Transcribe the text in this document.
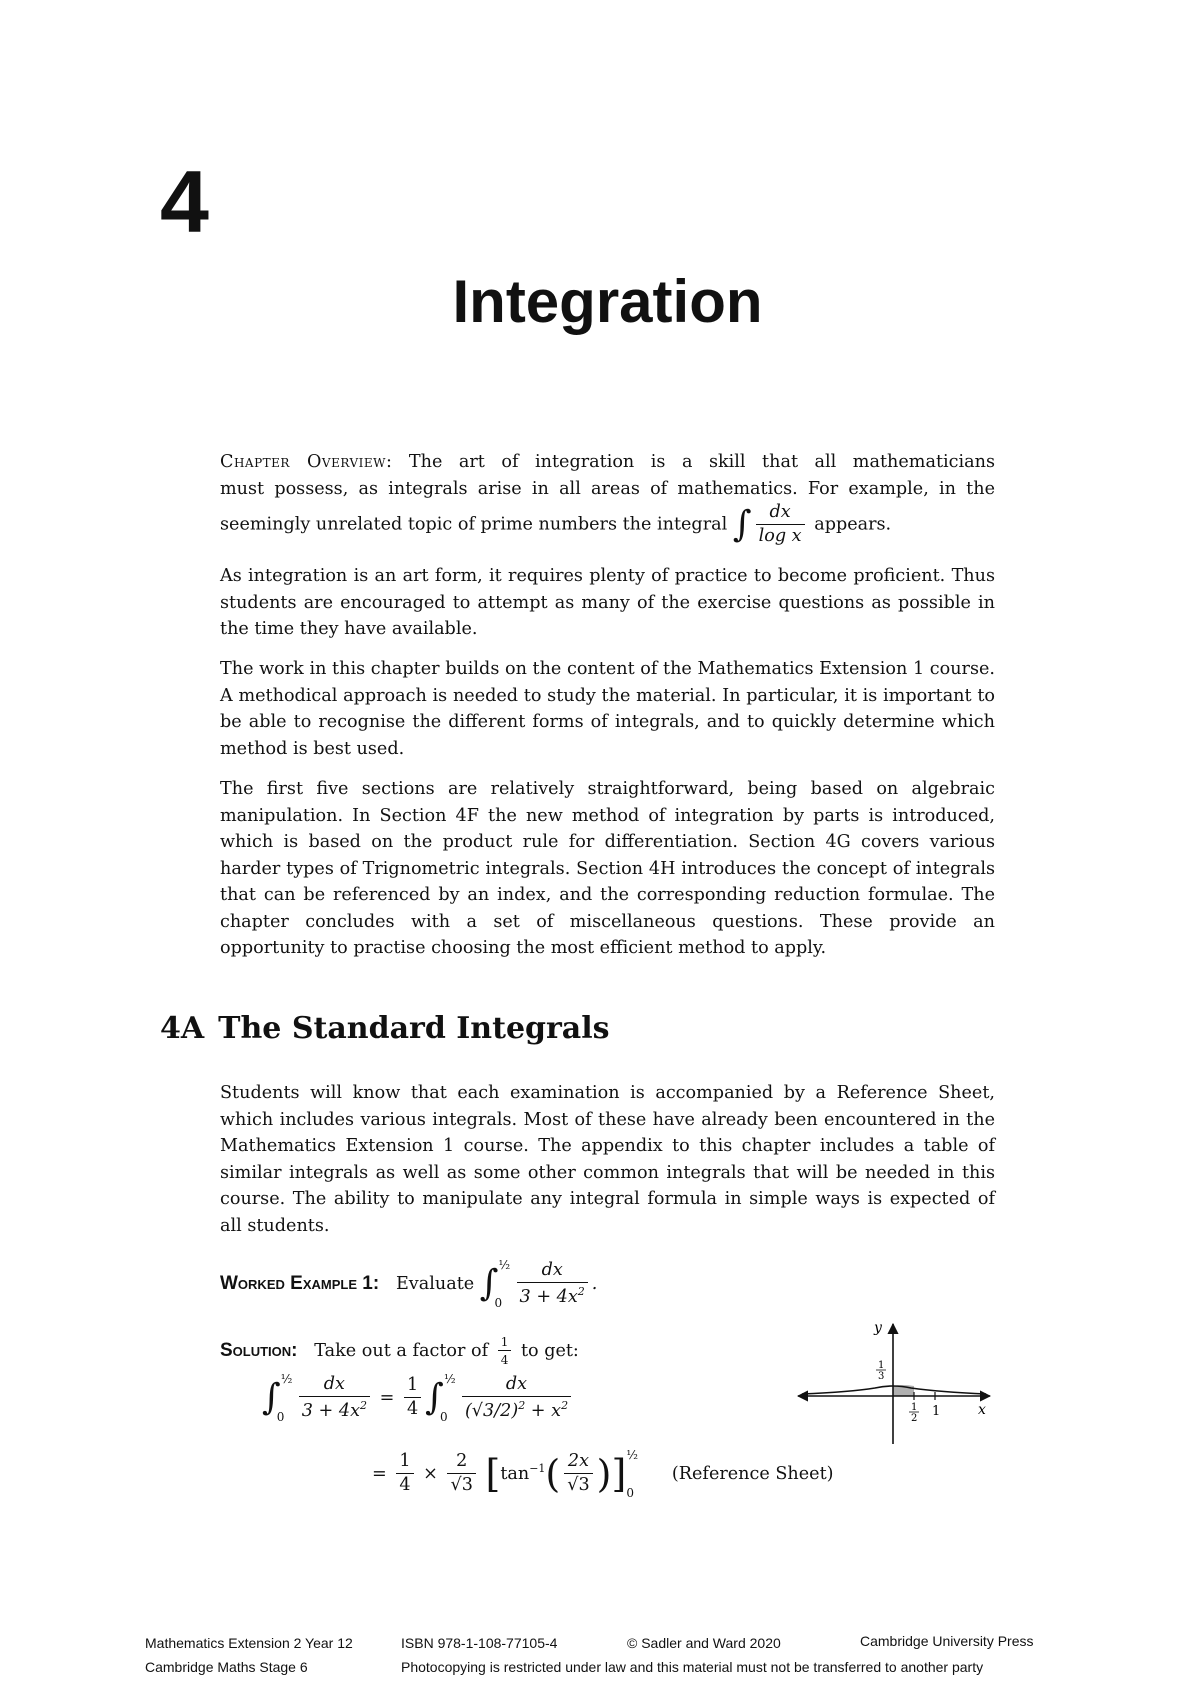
4
Integration
Chapter Overview: The art of integration is a skill that all mathematicians
must possess, as integrals arise in all areas of mathematics. For example, in the
seemingly unrelated topic of prime numbers the integral ∫ $\frac{dx}{\text{log x}}$ appears.
As integration is an art form, it requires plenty of practice to become proficient. Thus students are encouraged to attempt as many of the exercise questions as possible in the time they have available.
The work in this chapter builds on the content of the Mathematics Extension 1 course. A methodical approach is needed to study the material. In particular, it is important to be able to recognise the different forms of integrals, and to quickly determine which method is best used.
The first five sections are relatively straightforward, being based on algebraic manipulation. In Section 4F the new method of integration by parts is introduced, which is based on the product rule for differentiation. Section 4G covers various harder types of Trignometric integrals. Section 4H introduces the concept of integrals that can be referenced by an index, and the corresponding reduction formulae. The chapter concludes with a set of miscellaneous questions. These provide an opportunity to practise choosing the most efficient method to apply.
4A The Standard Integrals
Students will know that each examination is accompanied by a Reference Sheet, which includes various integrals. Most of these have already been encountered in the Mathematics Extension 1 course. The appendix to this chapter includes a table of similar integrals as well as some other common integrals that will be needed in this course. The ability to manipulate any integral formula in simple ways is expected of all students.
Worked Example 1: Evaluate ∫ ½
$0 \frac{dx}{3 + 4x^2}$ .
Solution: Take out a factor of $\frac{1}{4}$ to get:
∫ ½
$0 \frac{dx}{3 + 4x^2} = \frac{1}{4}$ ∫ ½
$0 \frac{dx}{(√3/2)^2 + x^2}$
= $\frac{1}{4} \times \frac{2}{√3} [\tan^{-1}( \frac{2x}{√3}$ )] ½
0
(Reference Sheet)
y
x
1
1
2
1
3
Mathematics Extension 2 Year 12	ISBN 978-1-108-77105-4	© Sadler and Ward 2020	Cambridge University Press
Cambridge Maths Stage 6	Photocopying is restricted under law and this material must not be transferred to another party
